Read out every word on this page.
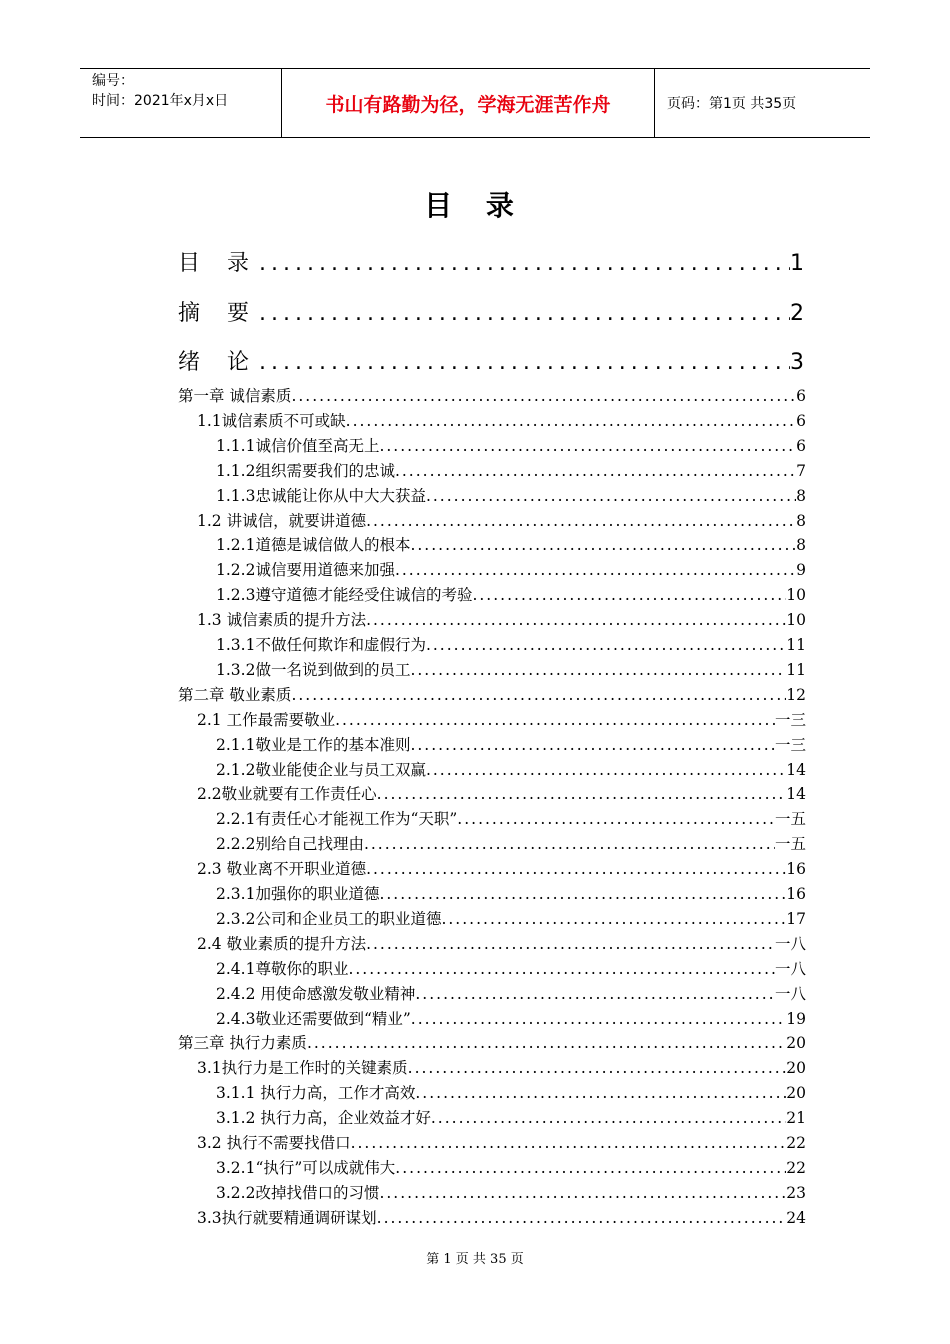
编号：
时间：2021年x月x日	书山有路勤为径，学海无涯苦作舟	页码：第1页 共35页
目 录
目 录 .....	1
摘 要 .....	2
绪 论 .....	3
第一章 诚信素质 .....	6
1.1诚信素质不可或缺 .....	6
1.1.1诚信价值至高无上 .....	6
1.1.2组织需要我们的忠诚 .....	7
1.1.3忠诚能让你从中大大获益 .....	8
1.2 讲诚信，就要讲道德 .....	8
1.2.1道德是诚信做人的根本 .....	8
1.2.2诚信要用道德来加强 .....	9
1.2.3遵守道德才能经受住诚信的考验 .....	10
1.3 诚信素质的提升方法 .....	10
1.3.1不做任何欺诈和虚假行为 .....	11
1.3.2做一名说到做到的员工 .....	11
第二章 敬业素质 .....	12
2.1 工作最需要敬业 .....	一三
2.1.1敬业是工作的基本准则 .....	一三
2.1.2敬业能使企业与员工双赢 .....	14
2.2敬业就要有工作责任心 .....	14
2.2.1有责任心才能视工作为“天职” .....	一五
2.2.2别给自己找理由 .....	一五
2.3 敬业离不开职业道德 .....	16
2.3.1加强你的职业道德 .....	16
2.3.2公司和企业员工的职业道德 .....	17
2.4 敬业素质的提升方法 .....	一八
2.4.1尊敬你的职业 .....	一八
2.4.2 用使命感激发敬业精神 .....	一八
2.4.3敬业还需要做到“精业” .....	19
第三章 执行力素质 .....	20
3.1执行力是工作时的关键素质 .....	20
3.1.1 执行力高，工作才高效 .....	20
3.1.2 执行力高，企业效益才好 .....	21
3.2 执行不需要找借口 .....	22
3.2.1“执行”可以成就伟大 .....	22
3.2.2改掉找借口的习惯 .....	23
3.3执行就要精通调研谋划 .....	24
第 1 页 共 35 页
